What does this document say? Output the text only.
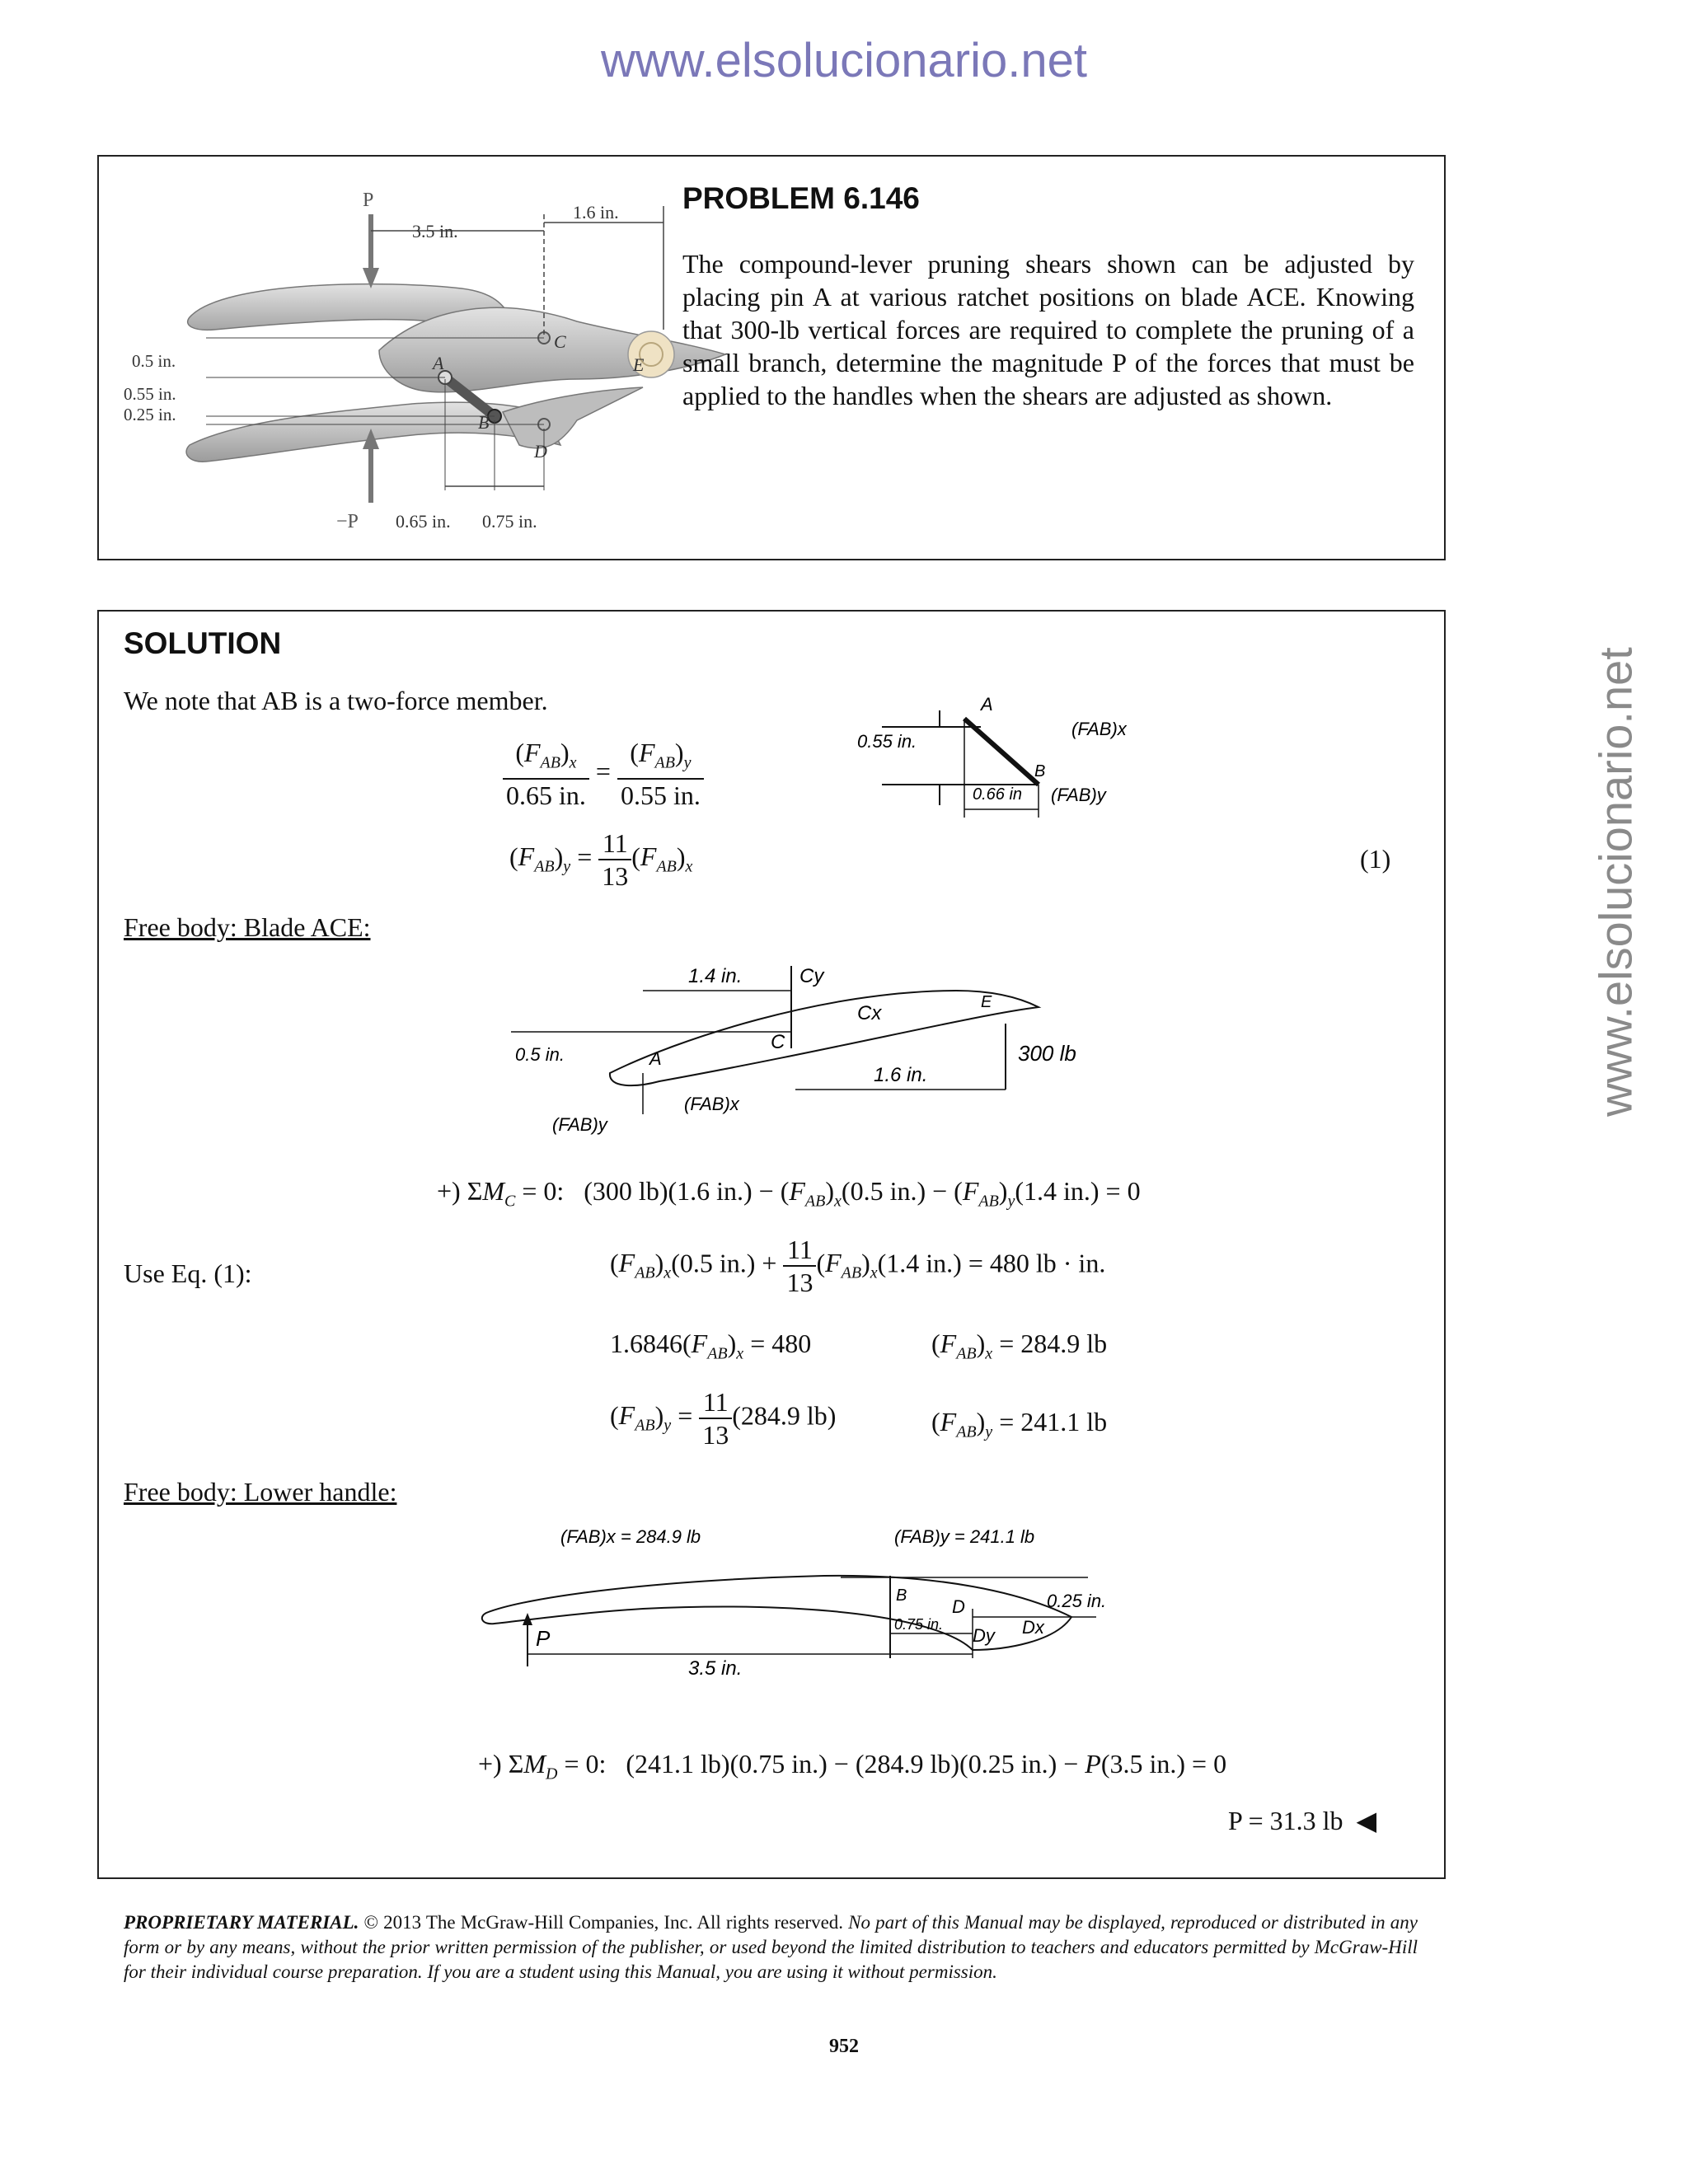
www.elsolucionario.net
www.elsolucionario.net
P
−P
3.5 in.
1.6 in.
0.5 in.
0.55 in.
0.25 in.
0.65 in. 0.75 in.
A
B
C
D
E
PROBLEM 6.146
The compound-lever pruning shears shown can be adjusted by placing pin A at various ratchet positions on blade ACE. Knowing that 300-lb vertical forces are required to complete the pruning of a small branch, determine the magnitude P of the forces that must be applied to the handles when the shears are adjusted as shown.
SOLUTION
We note that AB is a two-force member.
$\frac{(F_{AB})_x}{0.65 in.} = \frac{(F_{AB})_y}{0.55 in.}$
$(F_{AB})_y = \frac{11}{13} (F_{AB})_x$	(1)
A
B
0.55 in.
0.66 in
(FAB)x
(FAB)y
Free body: Blade ACE:
1.4 in.	Cy
Cx	E
C
A
0.5 in.
1.6 in.
300 lb
(FAB)y
(FAB)x
+) $\Sigma M_C = 0$:   (300 lb)(1.6 $in.) - (F_{AB})_x(0.5$ $in.) - (F_{AB})_y(1.4$ in.) = 0
Use Eq. (1):	$(F_{AB})_x(0.5$ $in.) + \frac{11}{13} (F_{AB})_x(1.4$ in.) = 480 lb · in.
$1.6846(F_{AB})_x = 480$	$(F_{AB})_x = 284.9$ lb
$(F_{AB})_y = \frac{11}{13} (284.9$ lb)	$(F_{AB})_y = 241.1$ lb
Free body: Lower handle:
(FAB)x = 284.9 lb	(FAB)y = 241.1 lb
B
D	0.25 in.
P
0.75 in.
Dy Dx
3.5 in.
+) $\Sigma M_D = 0$:   (241.1 lb)(0.75 in.) − (284.9 lb)(0.25 in.) − P(3.5 in.) = 0
P = 31.3 lb  ◀
PROPRIETARY MATERIAL. © 2013 The McGraw-Hill Companies, Inc. All rights reserved. No part of this Manual may be displayed, reproduced or distributed in any form or by any means, without the prior written permission of the publisher, or used beyond the limited distribution to teachers and educators permitted by McGraw-Hill for their individual course preparation. If you are a student using this Manual, you are using it without permission.
952
